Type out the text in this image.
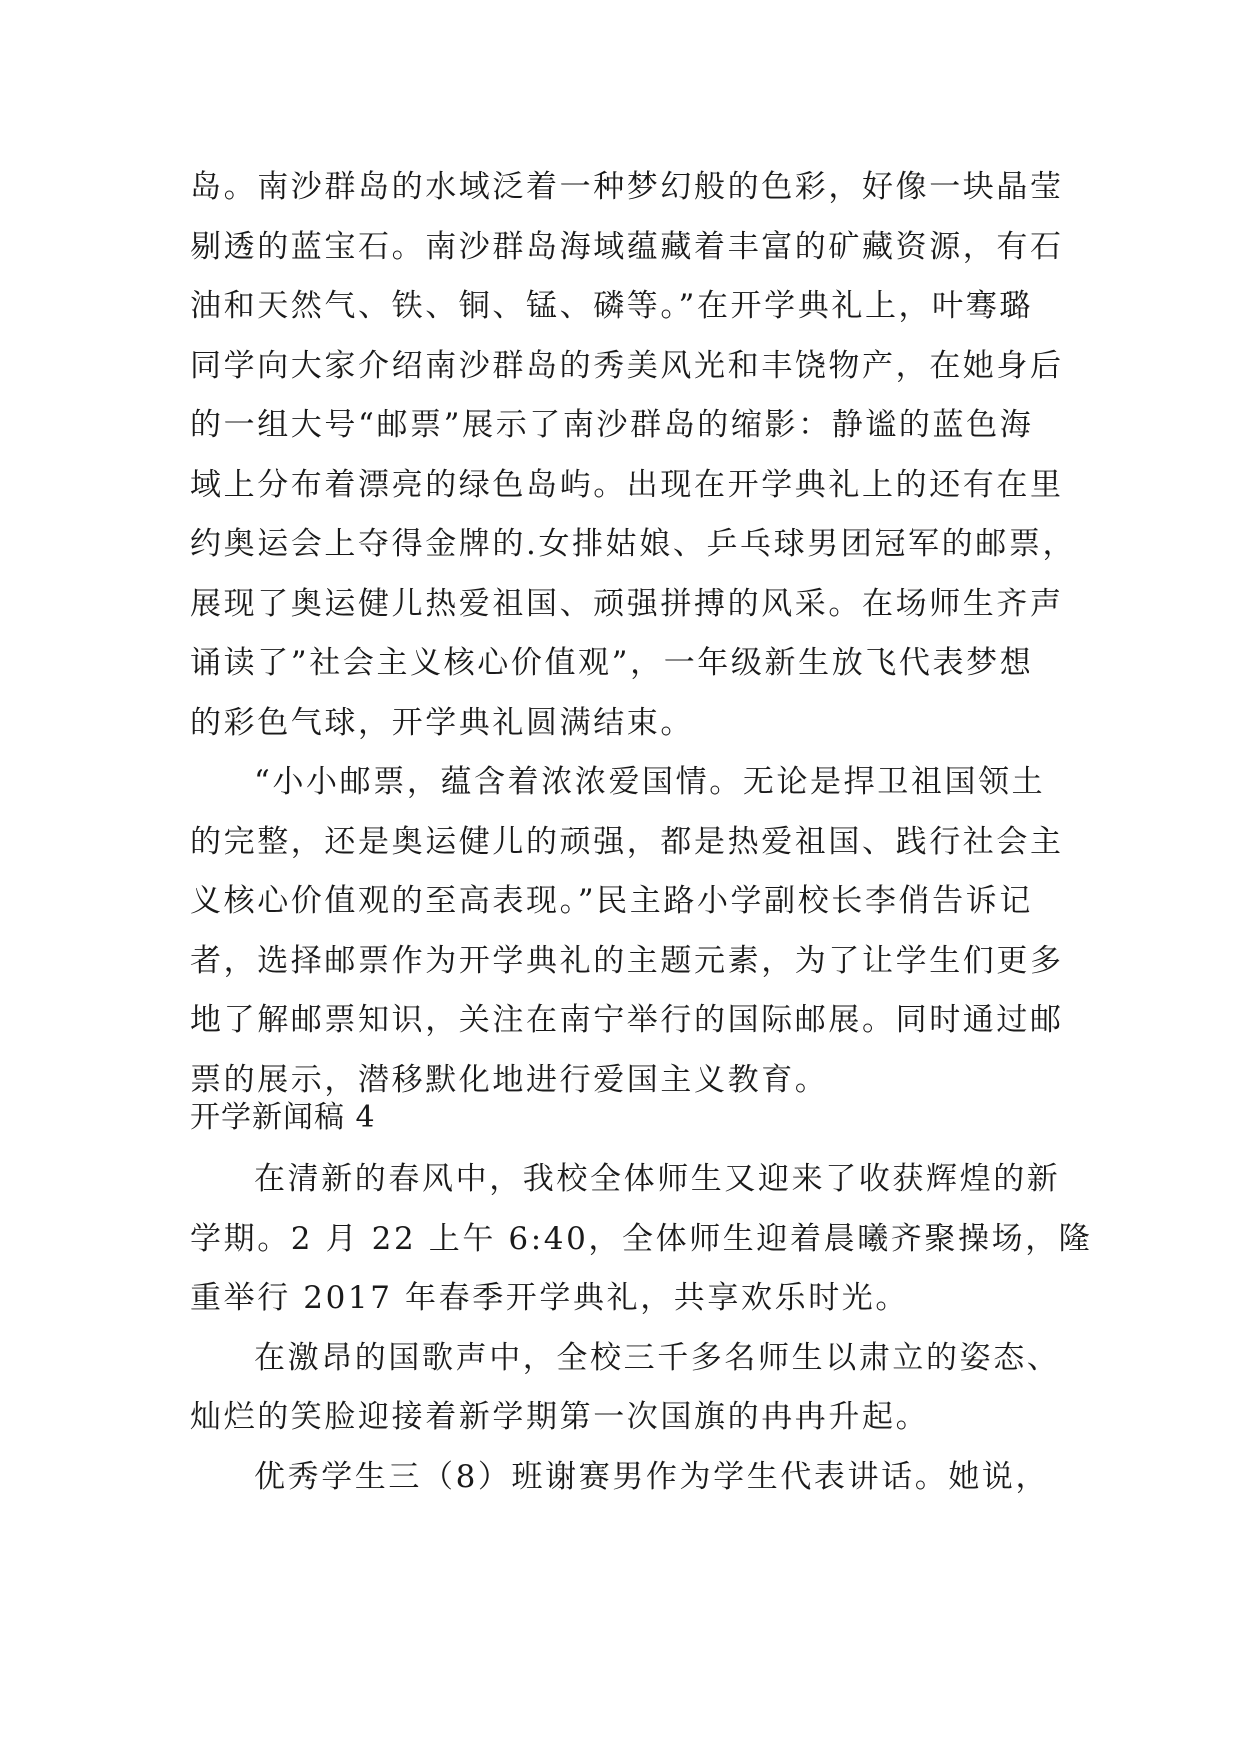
岛。南沙群岛的水域泛着一种梦幻般的色彩，好像一块晶莹
剔透的蓝宝石。南沙群岛海域蕴藏着丰富的矿藏资源，有石
油和天然气、铁、铜、锰、磷等。”在开学典礼上，叶骞璐
同学向大家介绍南沙群岛的秀美风光和丰饶物产，在她身后
的一组大号“邮票”展示了南沙群岛的缩影：静谧的蓝色海
域上分布着漂亮的绿色岛屿。出现在开学典礼上的还有在里
约奥运会上夺得金牌的.女排姑娘、乒乓球男团冠军的邮票，
展现了奥运健儿热爱祖国、顽强拼搏的风采。在场师生齐声
诵读了”社会主义核心价值观”，一年级新生放飞代表梦想
的彩色气球，开学典礼圆满结束。
“小小邮票，蕴含着浓浓爱国情。无论是捍卫祖国领土
的完整，还是奥运健儿的顽强，都是热爱祖国、践行社会主
义核心价值观的至高表现。”民主路小学副校长李俏告诉记
者，选择邮票作为开学典礼的主题元素，为了让学生们更多
地了解邮票知识，关注在南宁举行的国际邮展。同时通过邮
票的展示，潜移默化地进行爱国主义教育。
开学新闻稿 4
在清新的春风中，我校全体师生又迎来了收获辉煌的新
学期。2 月 22 上午 6:40，全体师生迎着晨曦齐聚操场，隆
重举行 2017 年春季开学典礼，共享欢乐时光。
在激昂的国歌声中，全校三千多名师生以肃立的姿态、
灿烂的笑脸迎接着新学期第一次国旗的冉冉升起。
优秀学生三（8）班谢赛男作为学生代表讲话。她说，
